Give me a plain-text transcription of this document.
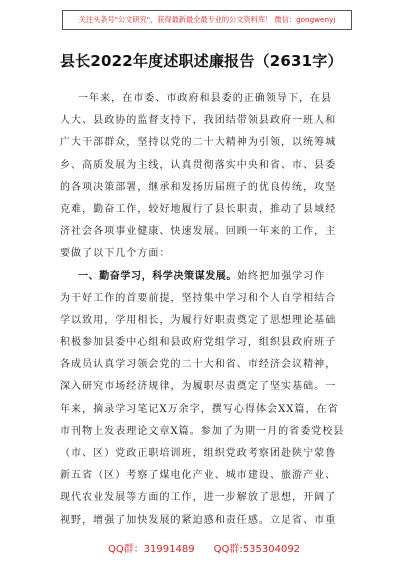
关注头条号"公文研究"，获得最新最全最专业的公文资料库！ 微信：gongwenyj
县长2022年度述职述廉报告（2631字）
一年来，在市委、市政府和县委的正确领导下，在县
人大、县政协的监督支持下，我团结带领县政府一班人和
广大干部群众，坚持以党的二十大精神为引领，以统筹城
乡、高质发展为主线，认真贯彻落实中央和省、市、县委
的各项决策部署，继承和发扬历届班子的优良传统，攻坚
克难，勤奋工作，较好地履行了县长职责，推动了县域经
济社会各项事业健康、快速发展。回顾一年来的工作，主
要做了以下几个方面：
一、勤奋学习，科学决策谋发展。始终把加强学习作
为干好工作的首要前提，坚持集中学习和个人自学相结合
学以致用，学用相长，为履行好职责奠定了思想理论基础
积极参加县委中心组和县政府党组学习，组织县政府班子
各成员认真学习领会党的二十大和省、市经济会议精神，
深入研究市场经济规律，为履职尽责奠定了坚实基础。一
年来，摘录学习笔记X万余字，撰写心得体会XX篇，在省
市刊物上发表理论文章X篇。参加了为期一月的省委党校县
（市、区）党政正职培训班，组织党政考察团赴陕宁蒙鲁
新五省（区）考察了煤电化产业、城市建设、旅游产业、
现代农业发展等方面的工作，进一步解放了思想，开阔了
视野，增强了加快发展的紧迫感和责任感。立足省、市重
QQ群：31991489      QQ群:535304092
